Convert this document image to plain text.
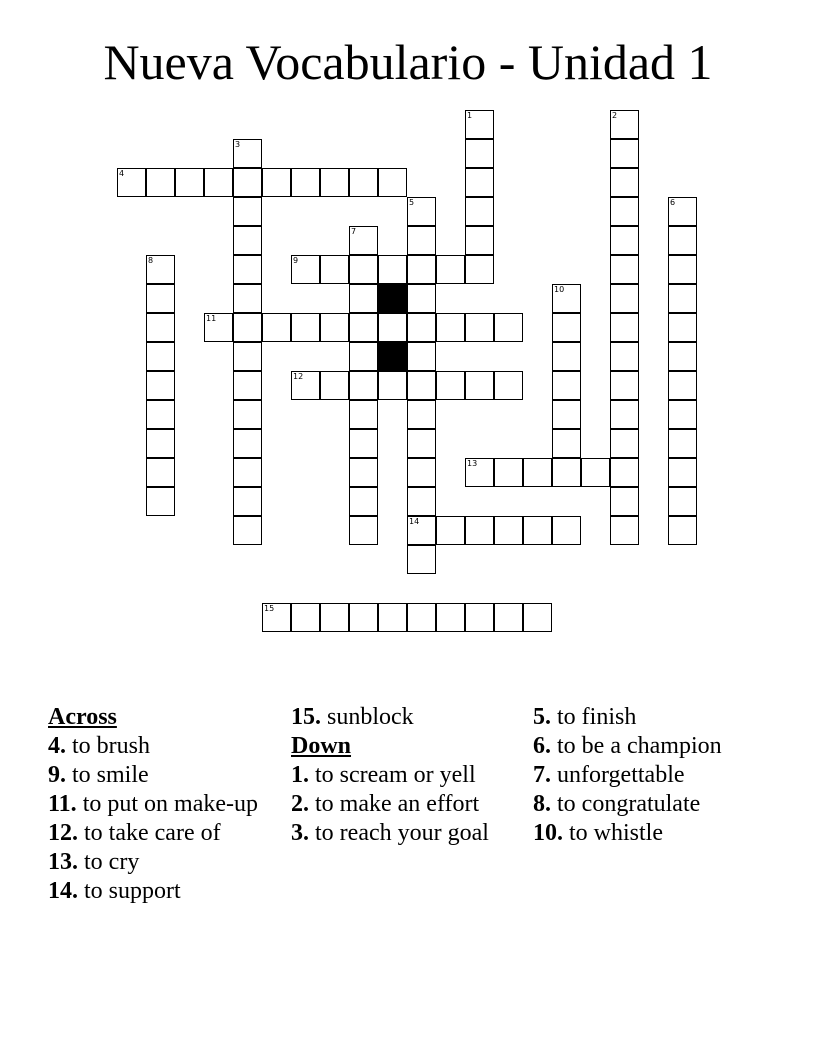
Nueva Vocabulario - Unidad 1
1	2
3
4
5
14
6
7
8	9
10
11
12
13
15
Across
4. to brush
9. to smile
11. to put on make-up
12. to take care of
13. to cry
14. to support
15. sunblock
Down
1. to scream or yell
2. to make an effort
3. to reach your goal
5. to finish
6. to be a champion
7. unforgettable
8. to congratulate
10. to whistle
